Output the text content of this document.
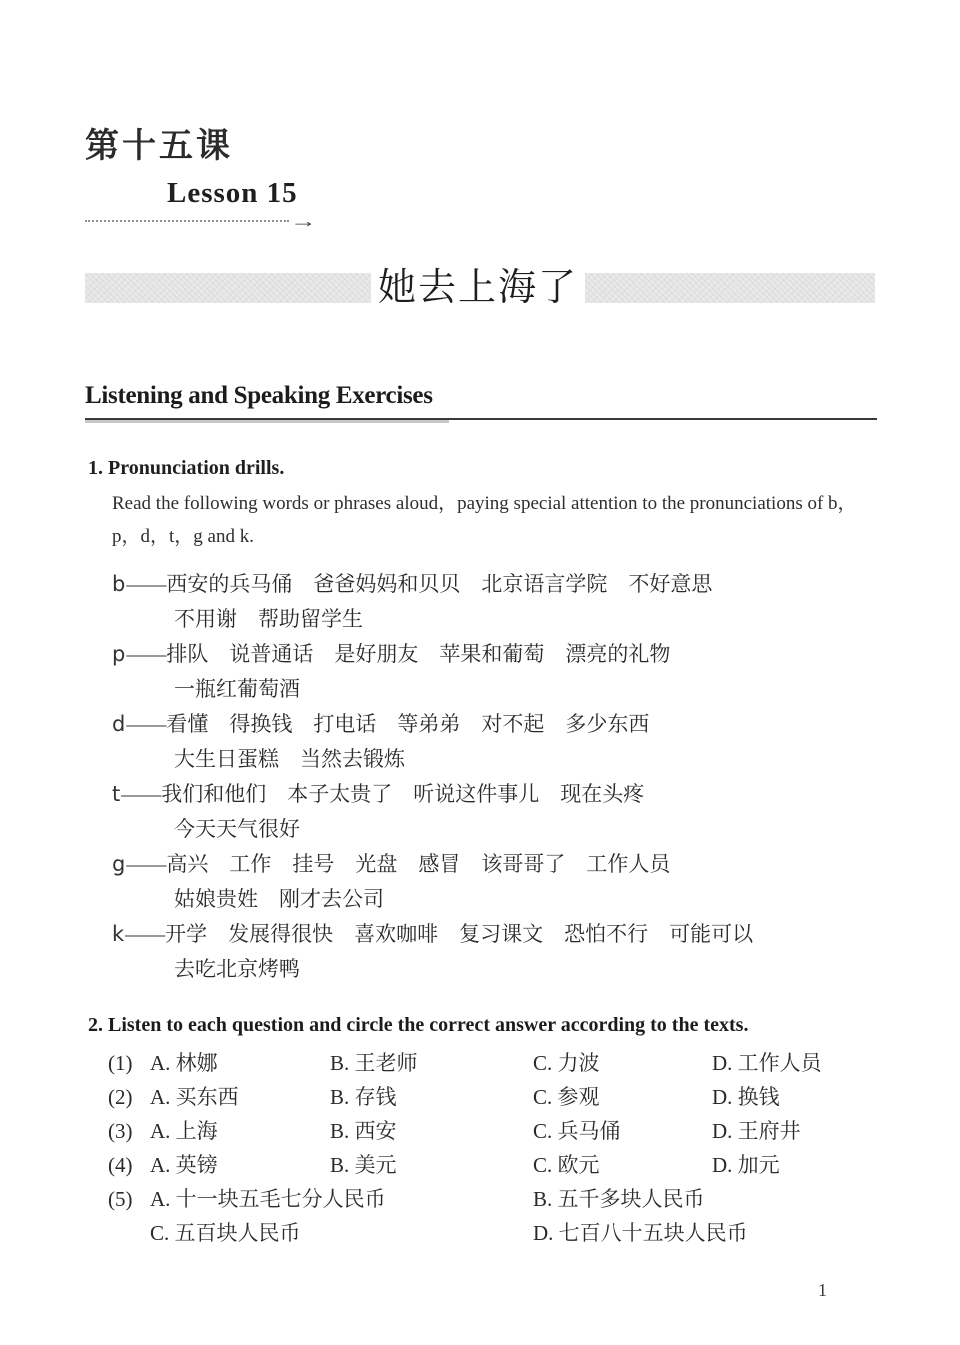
第十五课
Lesson 15
→
她去上海了
Listening and Speaking Exercises
1. Pronunciation drills.
Read the following words or phrases aloud，paying special attention to the pronunciations of b，
p，d，t，g and k.
b——西安的兵马俑　爸爸妈妈和贝贝　北京语言学院　不好意思
不用谢　帮助留学生
p——排队　说普通话　是好朋友　苹果和葡萄　漂亮的礼物
一瓶红葡萄酒
d——看懂　得换钱　打电话　等弟弟　对不起　多少东西
大生日蛋糕　当然去锻炼
t——我们和他们　本子太贵了　听说这件事儿　现在头疼
今天天气很好
g——高兴　工作　挂号　光盘　感冒　该哥哥了　工作人员
姑娘贵姓　刚才去公司
k——开学　发展得很快　喜欢咖啡　复习课文　恐怕不行　可能可以
去吃北京烤鸭
2. Listen to each question and circle the correct answer according to the texts.
(1) A. 林娜	B. 王老师	C. 力波	D. 工作人员
(2) A. 买东西	B. 存钱	C. 参观	D. 换钱
(3) A. 上海	B. 西安	C. 兵马俑	D. 王府井
(4) A. 英镑	B. 美元	C. 欧元	D. 加元
(5) A. 十一块五毛七分人民币	B. 五千多块人民币
C. 五百块人民币	D. 七百八十五块人民币
1
